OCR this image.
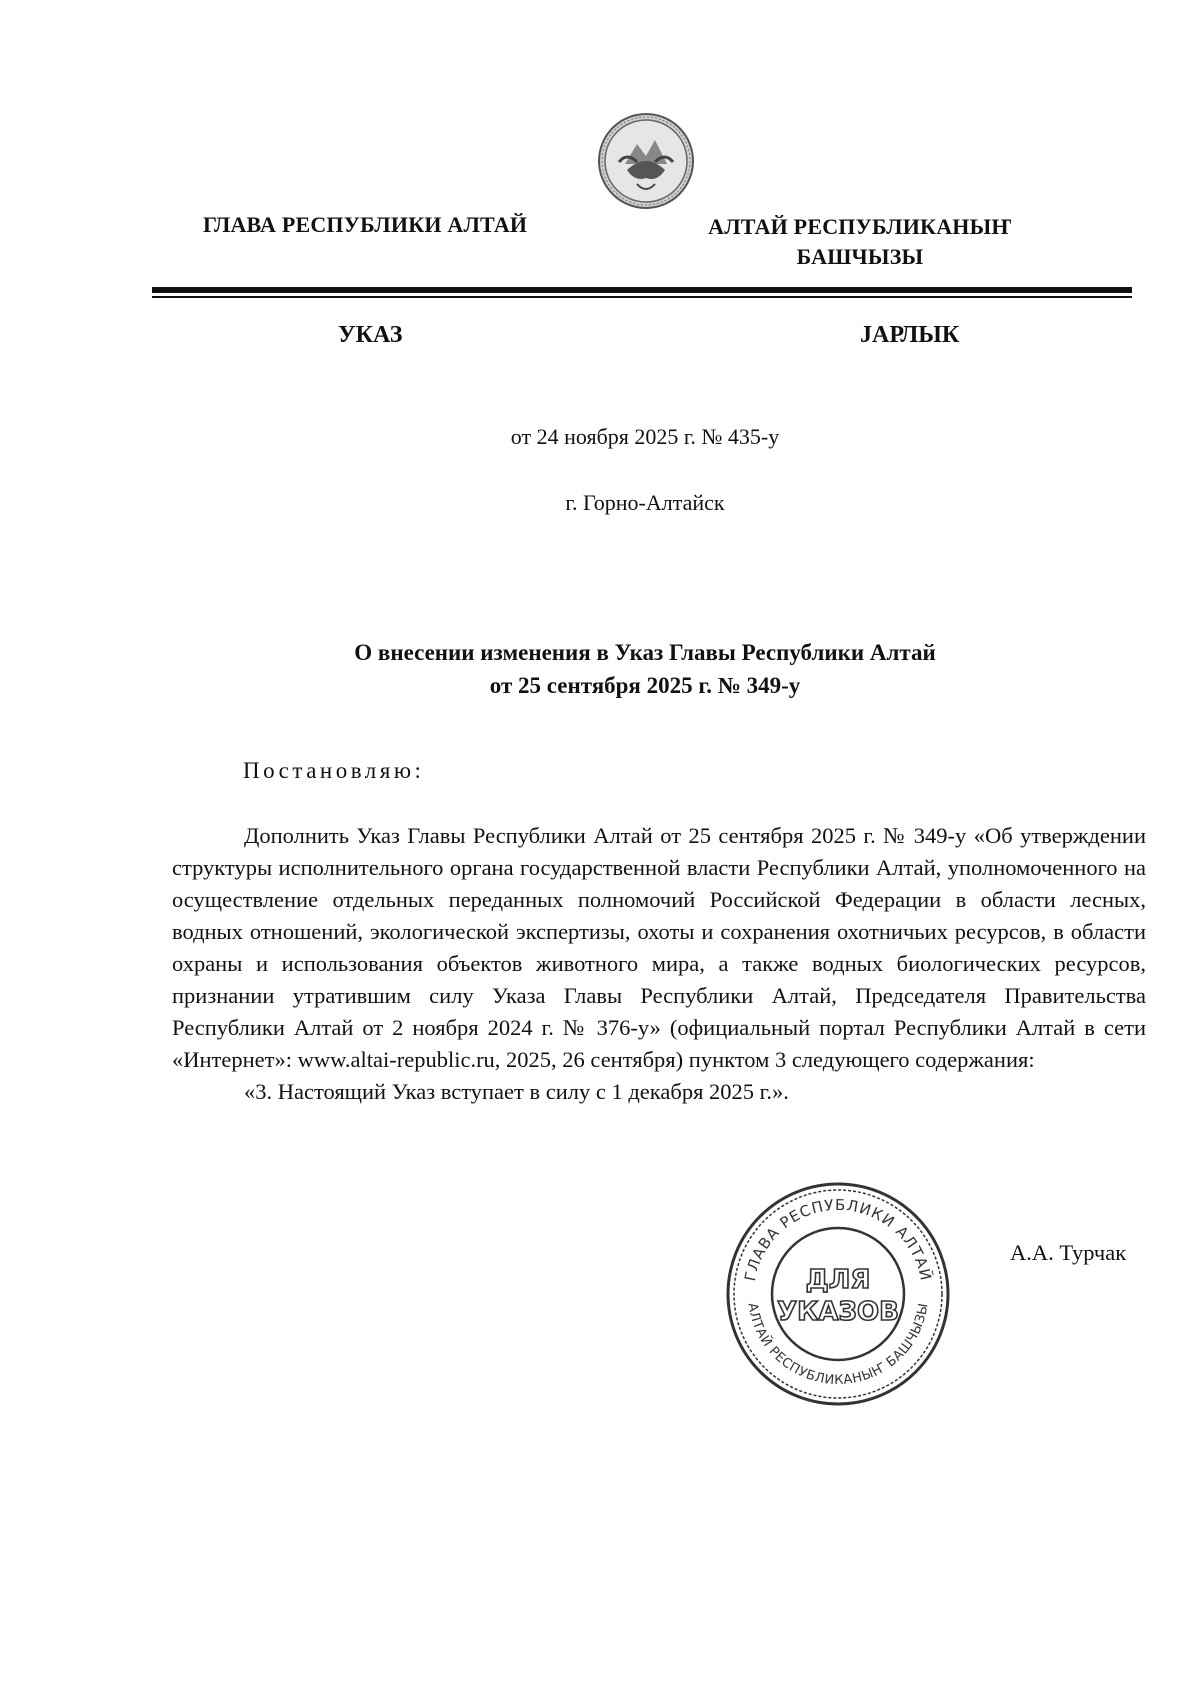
ГЛАВА РЕСПУБЛИКИ АЛТАЙ	АЛТАЙ РЕСПУБЛИКАНЫҤ
БАШЧЫЗЫ
УКАЗ	ЈАРЛЫК
от 24 ноября 2025 г. № 435-у
г. Горно-Алтайск
О внесении изменения в Указ Главы Республики Алтай
от 25 сентября 2025 г. № 349-у
Постановляю:

Дополнить Указ Главы Республики Алтай от 25 сентября 2025 г. № 349-у «Об утверждении структуры исполнительного органа государственной власти Республики Алтай, уполномоченного на осуществление отдельных переданных полномочий Российской Федерации в области лесных, водных отношений, экологической экспертизы, охоты и сохранения охотничьих ресурсов, в области охраны и использования объектов животного мира, а также водных биологических ресурсов, признании утратившим силу Указа Главы Республики Алтай, Председателя Правительства Республики Алтай от 2 ноября 2024 г. № 376-у» (официальный портал Республики Алтай в сети «Интернет»: www.altai-republic.ru, 2025, 26 сентября) пунктом 3 следующего содержания:

«3. Настоящий Указ вступает в силу с 1 декабря 2025 г.».

ГЛАВА РЕСПУБЛИКИ АЛТАЙ
АЛТАЙ РЕСПУБЛИКАНЫҤ БАШЧЫЗЫ
ДЛЯ
УКАЗОВ
А.А. Турчак
